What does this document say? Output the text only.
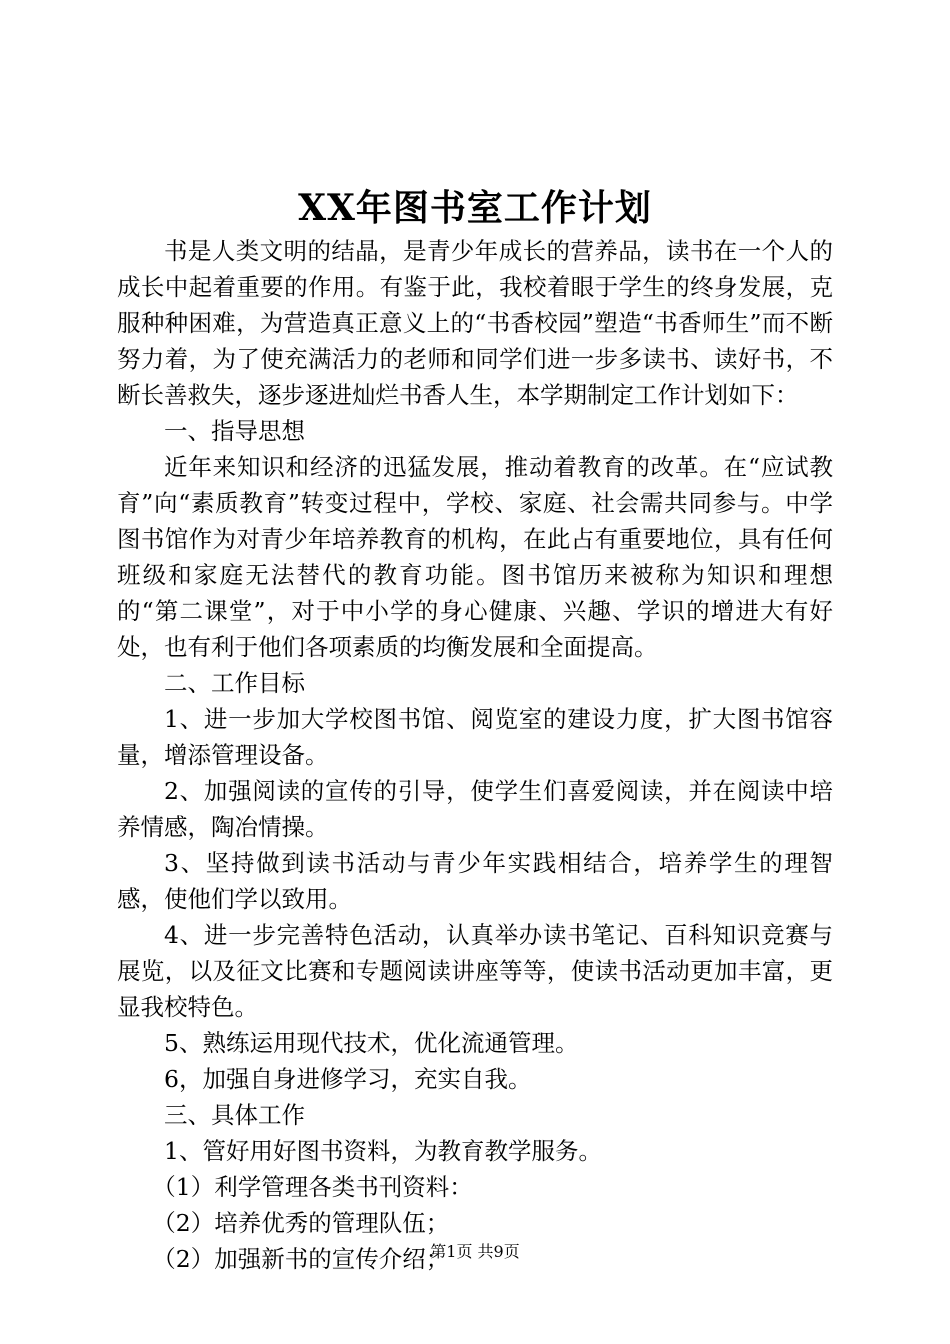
XX年图书室工作计划

书是人类文明的结晶，是青少年成长的营养品，读书在一个人的成长中起着重要的作用。有鉴于此，我校着眼于学生的终身发展，克服种种困难，为营造真正意义上的“书香校园”塑造“书香师生”而不断努力着，为了使充满活力的老师和同学们进一步多读书、读好书，不断长善救失，逐步逐进灿烂书香人生，本学期制定工作计划如下：

一、指导思想

近年来知识和经济的迅猛发展，推动着教育的改革。在“应试教育”向“素质教育”转变过程中，学校、家庭、社会需共同参与。中学图书馆作为对青少年培养教育的机构，在此占有重要地位，具有任何班级和家庭无法替代的教育功能。图书馆历来被称为知识和理想的“第二课堂”，对于中小学的身心健康、兴趣、学识的增进大有好处，也有利于他们各项素质的均衡发展和全面提高。

二、工作目标

1、进一步加大学校图书馆、阅览室的建设力度，扩大图书馆容量，增添管理设备。

2、加强阅读的宣传的引导，使学生们喜爱阅读，并在阅读中培养情感，陶冶情操。

3、坚持做到读书活动与青少年实践相结合，培养学生的理智感，使他们学以致用。

4、进一步完善特色活动，认真举办读书笔记、百科知识竞赛与展览，以及征文比赛和专题阅读讲座等等，使读书活动更加丰富，更显我校特色。

5、熟练运用现代技术，优化流通管理。

6，加强自身进修学习，充实自我。

三、具体工作

1、管好用好图书资料，为教育教学服务。

（1）利学管理各类书刊资料：

（2）培养优秀的管理队伍；

（2）加强新书的宣传介绍；

第1页 共9页
